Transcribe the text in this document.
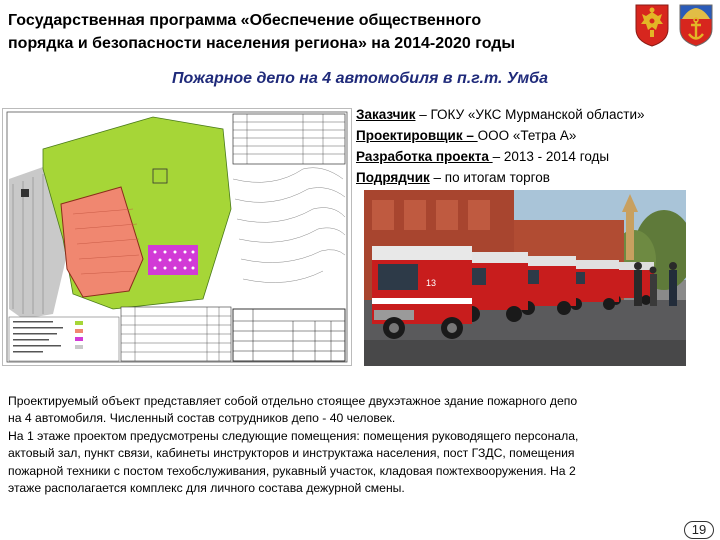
Государственная программа «Обеспечение общественного
порядка и безопасности населения региона» на 2014-2020 годы
Пожарное депо на 4 автомобиля в п.г.т. Умба
Заказчик – ГОКУ «УКС Мурманской области»
Проектировщик – ООО «Тетра А»
Разработка проекта – 2013 - 2014 годы
Подрядчик – по итогам торгов
13

Проектируемый объект представляет собой отдельно стоящее двухэтажное здание пожарного депо

на 4 автомобиля. Численный состав сотрудников депо - 40 человек.

На 1 этаже проектом предусмотрены следующие помещения: помещения руководящего персонала,

актовый зал, пункт связи, кабинеты инструкторов и инструктажа населения, пост ГЗДС, помещения

пожарной техники с постом техобслуживания, рукавный участок, кладовая пожтехвооружения. На 2

этаже располагается комплекс для личного состава дежурной смены.

19
